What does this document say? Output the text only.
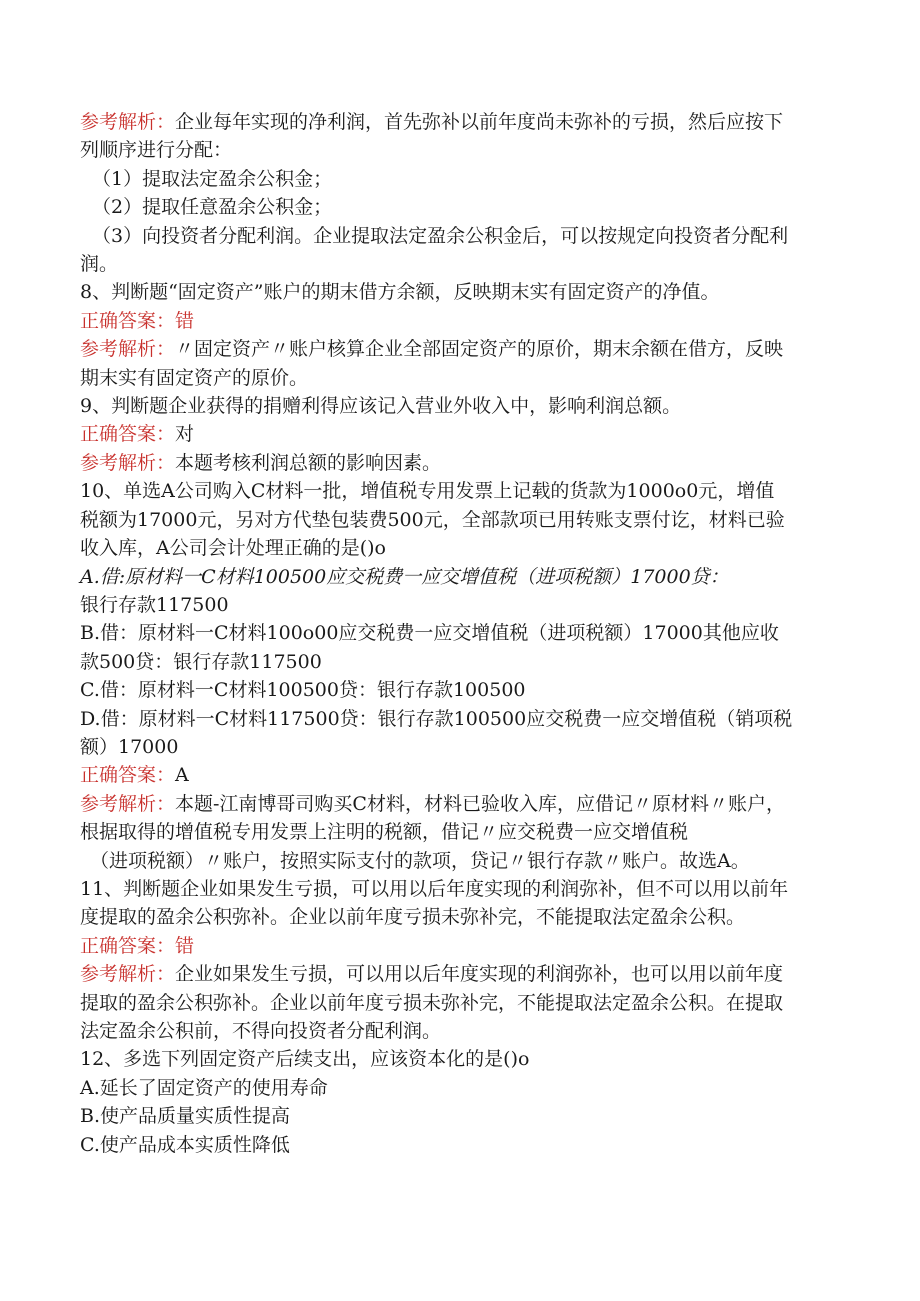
参考解析：企业每年实现的净利润，首先弥补以前年度尚未弥补的亏损，然后应按下

列顺序进行分配：

（1）提取法定盈余公积金；

（2）提取任意盈余公积金；

（3）向投资者分配利润。企业提取法定盈余公积金后，可以按规定向投资者分配利

润。

8、判断题“固定资产”账户的期末借方余额，反映期末实有固定资产的净值。

正确答案：错

参考解析：〃固定资产〃账户核算企业全部固定资产的原价，期末余额在借方，反映

期末实有固定资产的原价。

9、判断题企业获得的捐赠利得应该记入营业外收入中，影响利润总额。

正确答案：对

参考解析：本题考核利润总额的影响因素。

10、单选A公司购入C材料一批，增值税专用发票上记载的货款为1000o0元，增值

税额为17000元，另对方代垫包装费500元，全部款项已用转账支票付讫，材料已验

收入库，A公司会计处理正确的是()o

A.借:原材料一C材料100500应交税费一应交增值税（进项税额）17000贷：

银行存款117500

B.借：原材料一C材料100o00应交税费一应交增值税（进项税额）17000其他应收

款500贷：银行存款117500

C.借：原材料一C材料100500贷：银行存款100500

D.借：原材料一C材料117500贷：银行存款100500应交税费一应交增值税（销项税

额）17000

正确答案：A

参考解析：本题-江南博哥司购买C材料，材料已验收入库，应借记〃原材料〃账户，

根据取得的增值税专用发票上注明的税额，借记〃应交税费一应交增值税

（进项税额）〃账户，按照实际支付的款项，贷记〃银行存款〃账户。故选A。

11、判断题企业如果发生亏损，可以用以后年度实现的利润弥补，但不可以用以前年

度提取的盈余公积弥补。企业以前年度亏损未弥补完，不能提取法定盈余公积。

正确答案：错

参考解析：企业如果发生亏损，可以用以后年度实现的利润弥补，也可以用以前年度

提取的盈余公积弥补。企业以前年度亏损未弥补完，不能提取法定盈余公积。在提取

法定盈余公积前，不得向投资者分配利润。

12、多选下列固定资产后续支出，应该资本化的是()o

A.延长了固定资产的使用寿命

B.使产品质量实质性提高

C.使产品成本实质性降低
